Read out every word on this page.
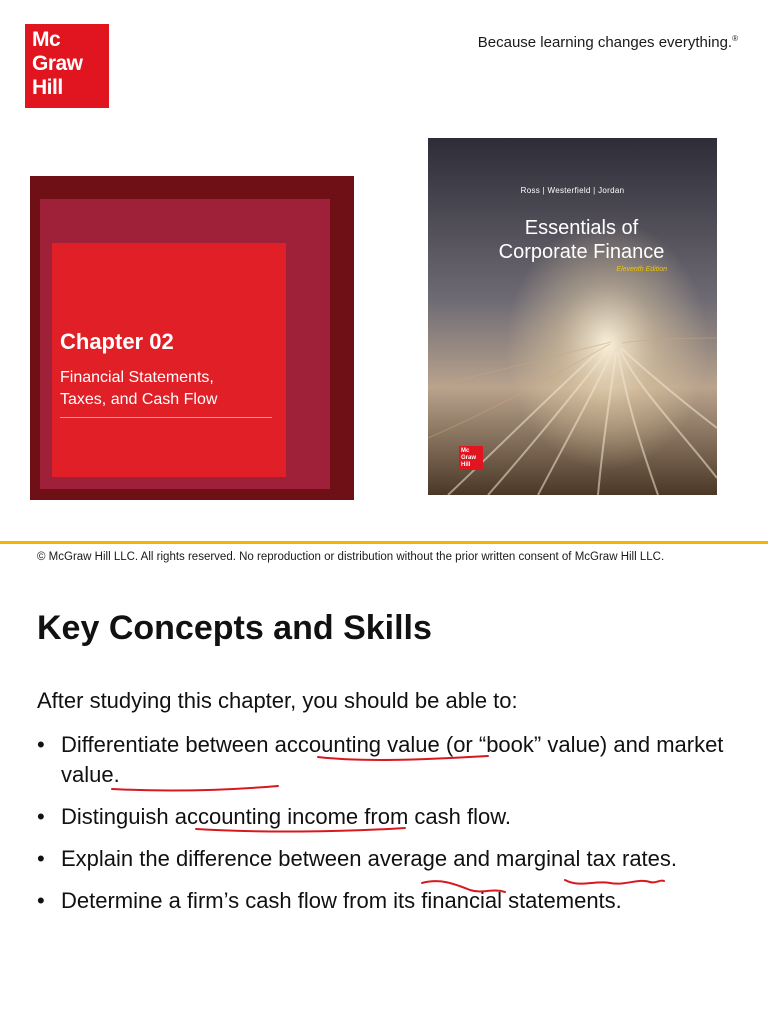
Mc
Graw
Hill
Because learning changes everything.®
Chapter 02
Financial Statements,
Taxes, and Cash Flow
Ross | Westerfield | Jordan
Essentials of
Corporate Finance
Eleventh Edition
Mc
Graw
Hill
© McGraw Hill LLC. All rights reserved. No reproduction or distribution without the prior written consent of McGraw Hill LLC.
Key Concepts and Skills

After studying this chapter, you should be able to:

• Differentiate between accounting value (or “book” value) and market value.
• Distinguish accounting income from cash flow.
• Explain the difference between average and marginal tax rates.
• Determine a firm’s cash flow from its financial statements.
